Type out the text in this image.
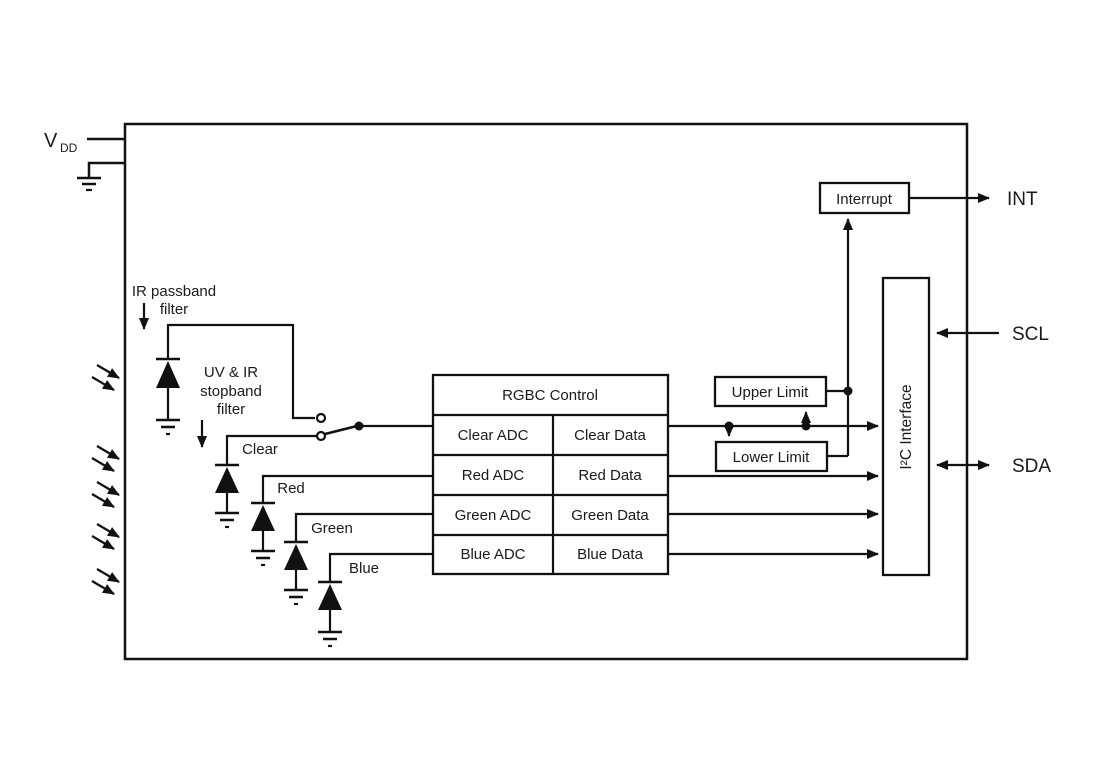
V DD
IR passband
filter
UV & IR
stopband
filter
Clear
Red
Green
Blue
RGBC Control
Clear ADC	Clear Data
Red ADC	Red Data
Green ADC	Green Data
Blue ADC	Blue Data
Upper Limit
Lower Limit
Interrupt	INT
I²C Interface
SCL
SDA
